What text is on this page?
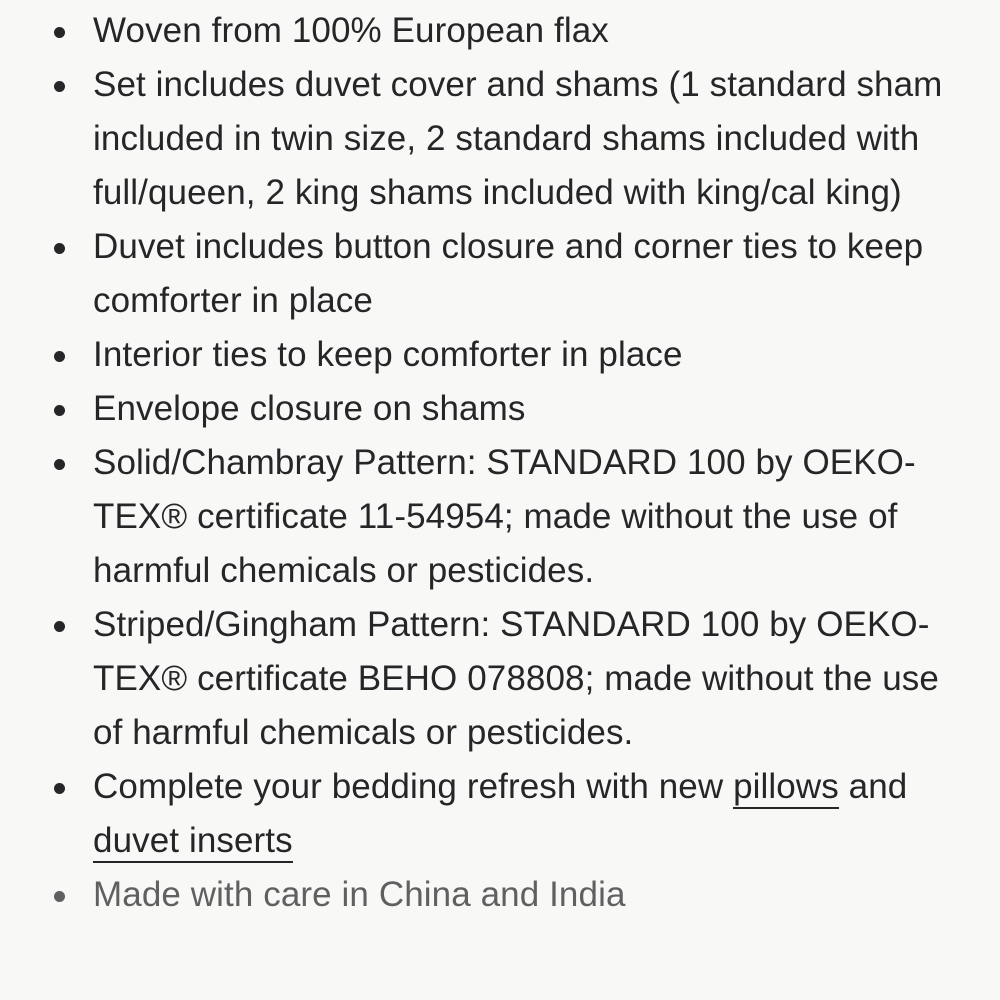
Woven from 100% European flax
Set includes duvet cover and shams (1 standard sham included in twin size, 2 standard shams included with full/queen, 2 king shams included with king/cal king)
Duvet includes button closure and corner ties to keep comforter in place
Interior ties to keep comforter in place
Envelope closure on shams
Solid/Chambray Pattern: STANDARD 100 by OEKO-TEX® certificate 11-54954; made without the use of harmful chemicals or pesticides.
Striped/Gingham Pattern: STANDARD 100 by OEKO-TEX® certificate BEHO 078808; made without the use of harmful chemicals or pesticides.
Complete your bedding refresh with new pillows and duvet inserts
Made with care in China and India
